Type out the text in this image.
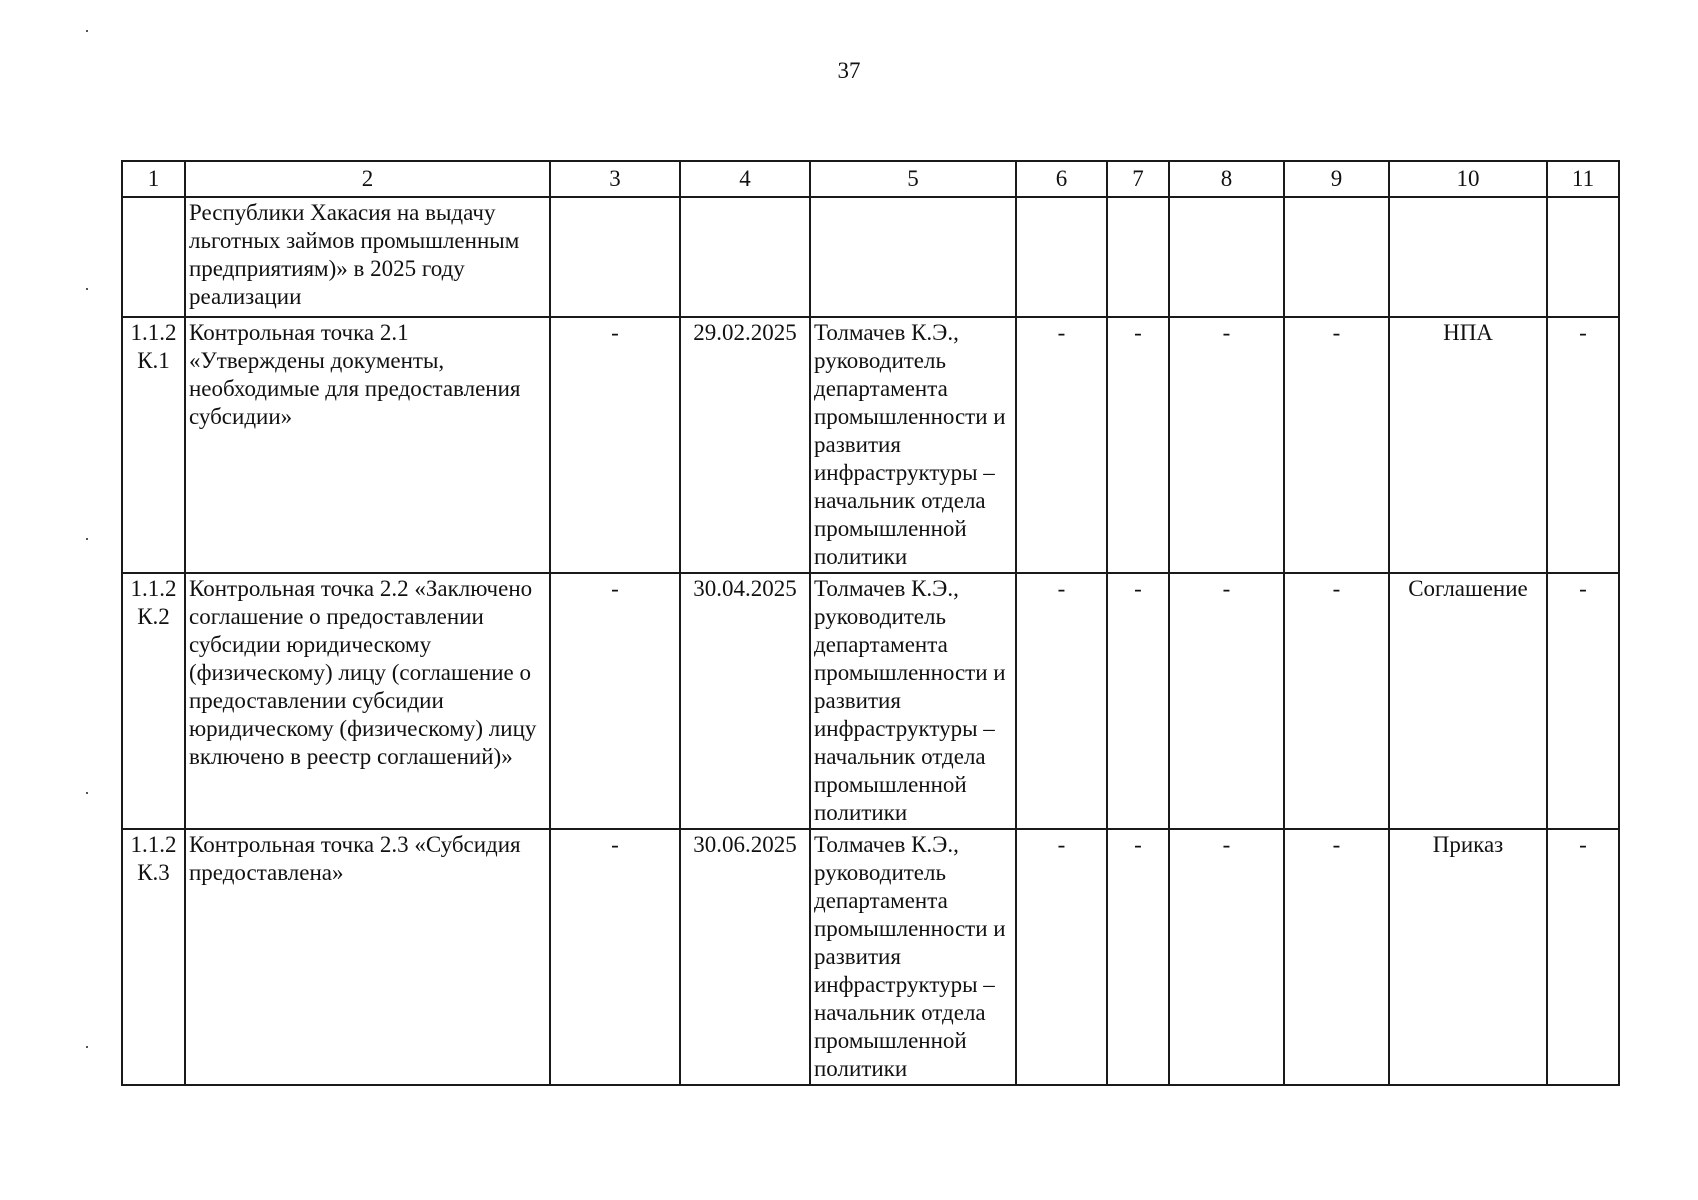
37
1	2	3	4	5	6	7	8	9	10	11
	Республики Хакасия на выдачу льготных займов промышленным предприятиям)» в 2025 году реализации									
1.1.2
К.1	Контрольная точка 2.1 «Утверждены документы, необходимые для предоставления субсидии»	-	29.02.2025	Толмачев К.Э., руководитель департамента промышленности и развития инфраструктуры – начальник отдела промышленной политики	-	-	-	-	НПА	-
1.1.2
К.2	Контрольная точка 2.2 «Заключено соглашение о предоставлении субсидии юридическому (физическому) лицу (соглашение о предоставлении субсидии юридическому (физическому) лицу включено в реестр соглашений)»	-	30.04.2025	Толмачев К.Э., руководитель департамента промышленности и развития инфраструктуры – начальник отдела промышленной политики	-	-	-	-	Соглашение	-
1.1.2
К.3	Контрольная точка 2.3 «Субсидия предоставлена»	-	30.06.2025	Толмачев К.Э., руководитель департамента промышленности и развития инфраструктуры – начальник отдела промышленной политики	-	-	-	-	Приказ	-
